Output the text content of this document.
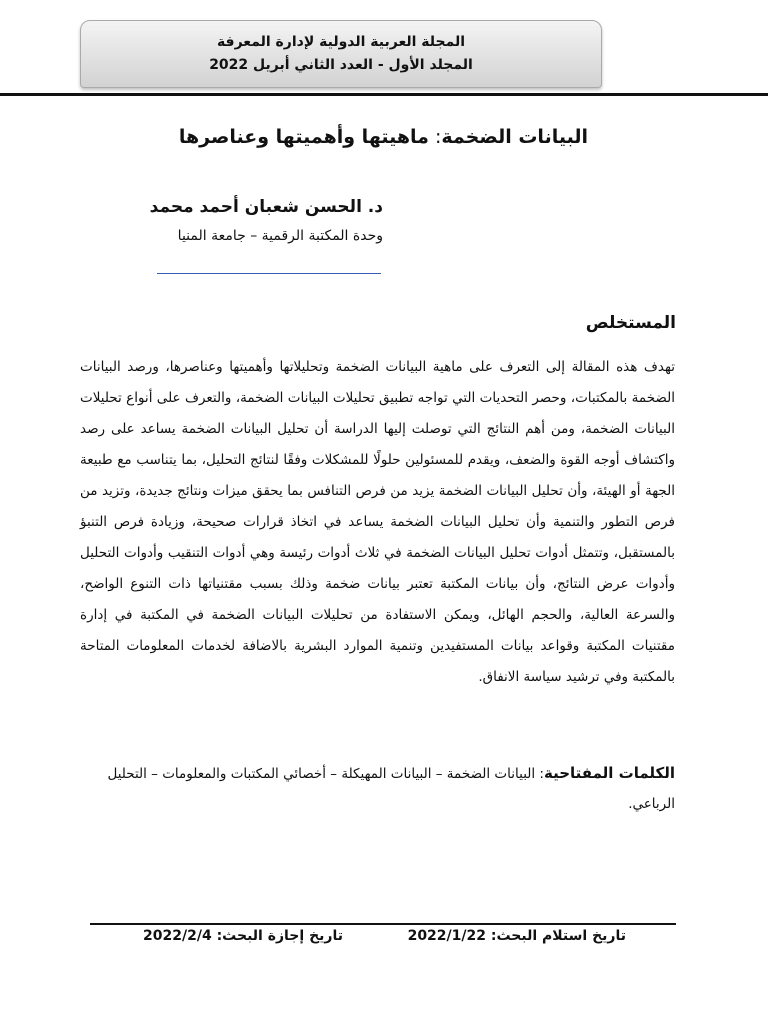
المجلة العربية الدولية لإدارة المعرفة
المجلد الأول - العدد الثاني أبريل 2022
البيانات الضخمة: ماهيتها وأهميتها وعناصرها
د. الحسن شعبان أحمد محمد
وحدة المكتبة الرقمية – جامعة المنيا
المستخلص
تهدف هذه المقالة إلى التعرف على ماهية البيانات الضخمة وتحليلاتها وأهميتها وعناصرها، ورصد البيانات الضخمة بالمكتبات، وحصر التحديات التي تواجه تطبيق تحليلات البيانات الضخمة، والتعرف على أنواع تحليلات البيانات الضخمة، ومن أهم النتائج التي توصلت إليها الدراسة أن تحليل البيانات الضخمة يساعد على رصد واكتشاف أوجه القوة والضعف، ويقدم للمسئولين حلولًا للمشكلات وفقًا لنتائج التحليل، بما يتناسب مع طبيعة الجهة أو الهيئة، وأن تحليل البيانات الضخمة يزيد من فرص التنافس بما يحقق ميزات ونتائج جديدة، وتزيد من فرص التطور والتنمية وأن تحليل البيانات الضخمة يساعد في اتخاذ قرارات صحيحة، وزيادة فرص التنبؤ بالمستقبل، وتتمثل أدوات تحليل البيانات الضخمة في ثلاث أدوات رئيسة وهي أدوات التنقيب وأدوات التحليل وأدوات عرض النتائج، وأن بيانات المكتبة تعتبر بيانات ضخمة وذلك بسبب مقتنياتها ذات التنوع الواضح، والسرعة العالية، والحجم الهائل، ويمكن الاستفادة من تحليلات البيانات الضخمة في المكتبة في إدارة مقتنيات المكتبة وقواعد بيانات المستفيدين وتنمية الموارد البشرية بالاضافة لخدمات المعلومات المتاحة بالمكتبة وفي ترشيد سياسة الانفاق.
الكلمات المفتاحية: البيانات الضخمة – البيانات المهيكلة – أخصائي المكتبات والمعلومات – التحليل الرباعي.
تاريخ استلام البحث: 2022/1/22
تاريخ إجازة البحث: 2022/2/4
